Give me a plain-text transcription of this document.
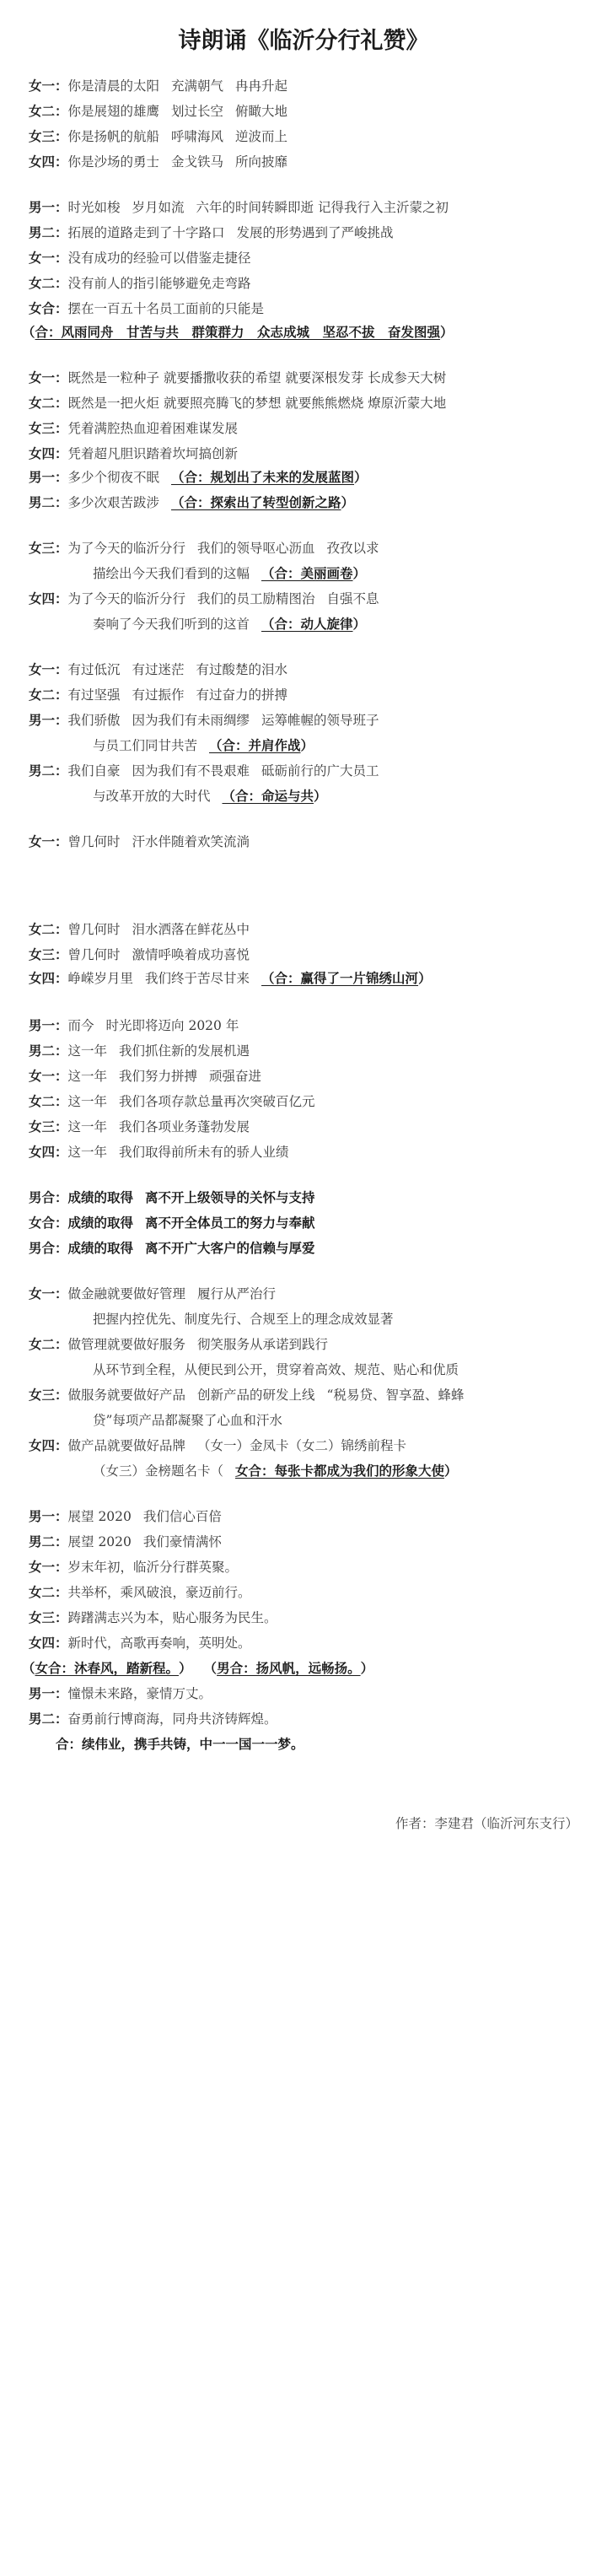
诗朗诵《临沂分行礼赞》
女一：你是清晨的太阳 充满朝气 冉冉升起
女二：你是展翅的雄鹰 划过长空 俯瞰大地
女三：你是扬帆的航船 呼啸海风 逆波而上
女四：你是沙场的勇士 金戈铁马 所向披靡
男一：时光如梭 岁月如流 六年的时间转瞬即逝 记得我行入主沂蒙之初
男二：拓展的道路走到了十字路口 发展的形势遇到了严峻挑战
女一：没有成功的经验可以借鉴走捷径
女二：没有前人的指引能够避免走弯路
女合：摆在一百五十名员工面前的只能是
（合：风雨同舟　甘苦与共　群策群力　众志成城　坚忍不拔　奋发图强）
女一：既然是一粒种子 就要播撒收获的希望 就要深根发芽 长成参天大树
女二：既然是一把火炬 就要照亮腾飞的梦想 就要熊熊燃烧 燎原沂蒙大地
女三：凭着满腔热血迎着困难谋发展
女四：凭着超凡胆识踏着坎坷搞创新
男一：多少个彻夜不眠 （合：规划出了未来的发展蓝图）
男二：多少次艰苦跋涉 （合：探索出了转型创新之路）
女三：为了今天的临沂分行 我们的领导呕心沥血 孜孜以求
描绘出今天我们看到的这幅 （合：美丽画卷）
女四：为了今天的临沂分行 我们的员工励精图治 自强不息
奏响了今天我们听到的这首 （合：动人旋律）
女一：有过低沉 有过迷茫 有过酸楚的泪水
女二：有过坚强 有过振作 有过奋力的拼搏
男一：我们骄傲 因为我们有未雨绸缪 运筹帷幄的领导班子
与员工们同甘共苦 （合：并肩作战）
男二：我们自豪 因为我们有不畏艰难 砥砺前行的广大员工
与改革开放的大时代 （合：命运与共）
女一：曾几何时 汗水伴随着欢笑流淌
女二：曾几何时 泪水洒落在鲜花丛中
女三：曾几何时 激情呼唤着成功喜悦
女四：峥嵘岁月里 我们终于苦尽甘来 （合：赢得了一片锦绣山河）
男一：而今 时光即将迈向 2020 年
男二：这一年 我们抓住新的发展机遇
女一：这一年 我们努力拼搏 顽强奋进
女二：这一年 我们各项存款总量再次突破百亿元
女三：这一年 我们各项业务蓬勃发展
女四：这一年 我们取得前所未有的骄人业绩
男合：成绩的取得 离不开上级领导的关怀与支持
女合：成绩的取得 离不开全体员工的努力与奉献
男合：成绩的取得 离不开广大客户的信赖与厚爱
女一：做金融就要做好管理 履行从严治行
把握内控优先、制度先行、合规至上的理念成效显著
女二：做管理就要做好服务 彻笑服务从承诺到践行
从环节到全程，从便民到公开，贯穿着高效、规范、贴心和优质
女三：做服务就要做好产品 创新产品的研发上线 “税易贷、智享盈、蜂蜂
贷”每项产品都凝聚了心血和汗水
女四：做产品就要做好品牌 （女一）金凤卡（女二）锦绣前程卡
（女三）金榜题名卡（ 女合：每张卡都成为我们的形象大使）
男一：展望 2020 我们信心百倍
男二：展望 2020 我们豪情满怀
女一：岁末年初，临沂分行群英聚。
女二：共举杯，乘风破浪，豪迈前行。
女三：踌躇满志兴为本，贴心服务为民生。
女四：新时代，高歌再奏响，英明处。
（女合：沐春风，踏新程。） （男合：扬风帆，远畅扬。）
男一：憧憬未来路，豪情万丈。
男二：奋勇前行博商海，同舟共济铸辉煌。
合：续伟业，携手共铸，中一一国一一梦。
作者：李建君（临沂河东支行）
